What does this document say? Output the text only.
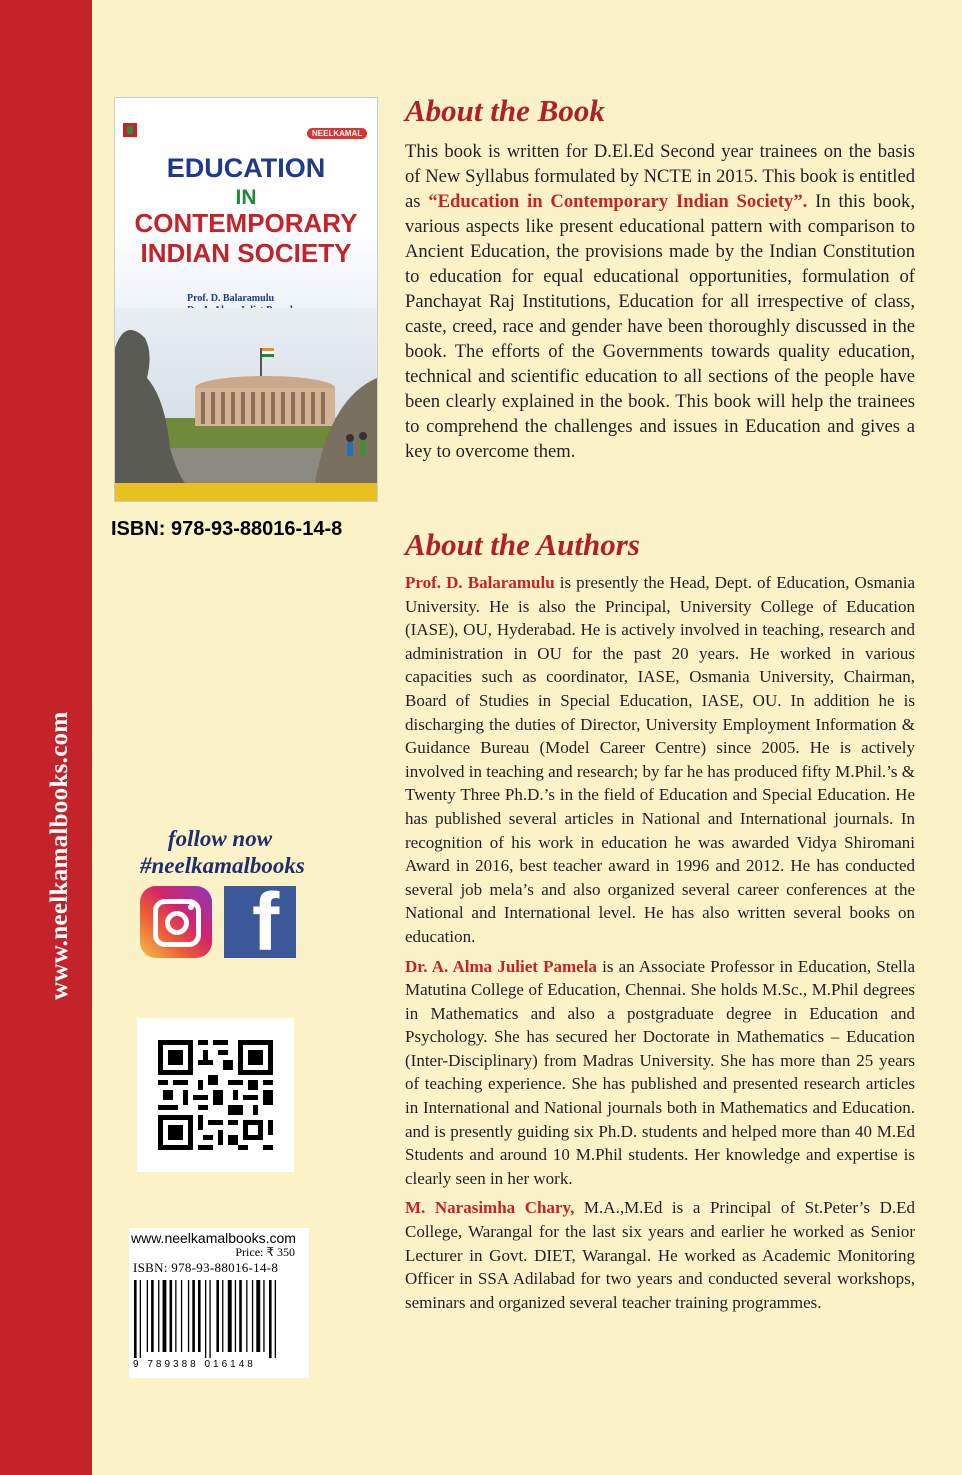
www.neelkamalbooks.com
NEELKAMAL
EDUCATION
IN
CONTEMPORARY
INDIAN SOCIETY
Prof. D. Balaramulu
ISBN: 978-93-88016-14-8
follow now
#neelkamalbooks
f
www.neelkamalbooks.com
Price: ₹ 350
ISBN: 978-93-88016-14-8
9 789388 016148
About the Book

This book is written for D.El.Ed Second year trainees on the basis of New Syllabus formulated by NCTE in 2015. This book is entitled as “Education in Contemporary Indian Society”. In this book, various aspects like present educational pattern with comparison to Ancient Education, the provisions made by the Indian Constitution to education for equal educational opportunities, formulation of Panchayat Raj Institutions, Education for all irrespective of class, caste, creed, race and gender have been thoroughly discussed in the book. The efforts of the Governments towards quality education, technical and scientific education to all sections of the people have been clearly explained in the book. This book will help the trainees to comprehend the challenges and issues in Education and gives a key to overcome them.

About the Authors

Prof. D. Balaramulu is presently the Head, Dept. of Education, Osmania University. He is also the Principal, University College of Education (IASE), OU, Hyderabad. He is actively involved in teaching, research and administration in OU for the past 20 years. He worked in various capacities such as coordinator, IASE, Osmania University, Chairman, Board of Studies in Special Education, IASE, OU. In addition he is discharging the duties of Director, University Employment Information & Guidance Bureau (Model Career Centre) since 2005. He is actively involved in teaching and research; by far he has produced fifty M.Phil.’s & Twenty Three Ph.D.’s in the field of Education and Special Education. He has published several articles in National and International journals. In recognition of his work in education he was awarded Vidya Shiromani Award in 2016, best teacher award in 1996 and 2012. He has conducted several job mela’s and also organized several career conferences at the National and International level. He has also written several books on education.

Dr. A. Alma Juliet Pamela is an Associate Professor in Education, Stella Matutina College of Education, Chennai. She holds M.Sc., M.Phil degrees in Mathematics and also a postgraduate degree in Education and Psychology. She has secured her Doctorate in Mathematics – Education (Inter-Disciplinary) from Madras University. She has more than 25 years of teaching experience. She has published and presented research articles in International and National journals both in Mathematics and Education. and is presently guiding six Ph.D. students and helped more than 40 M.Ed Students and around 10 M.Phil students. Her knowledge and expertise is clearly seen in her work.

M. Narasimha Chary, M.A.,M.Ed is a Principal of St.Peter’s D.Ed College, Warangal for the last six years and earlier he worked as Senior Lecturer in Govt. DIET, Warangal. He worked as Academic Monitoring Officer in SSA Adilabad for two years and conducted several workshops, seminars and organized several teacher training programmes.
